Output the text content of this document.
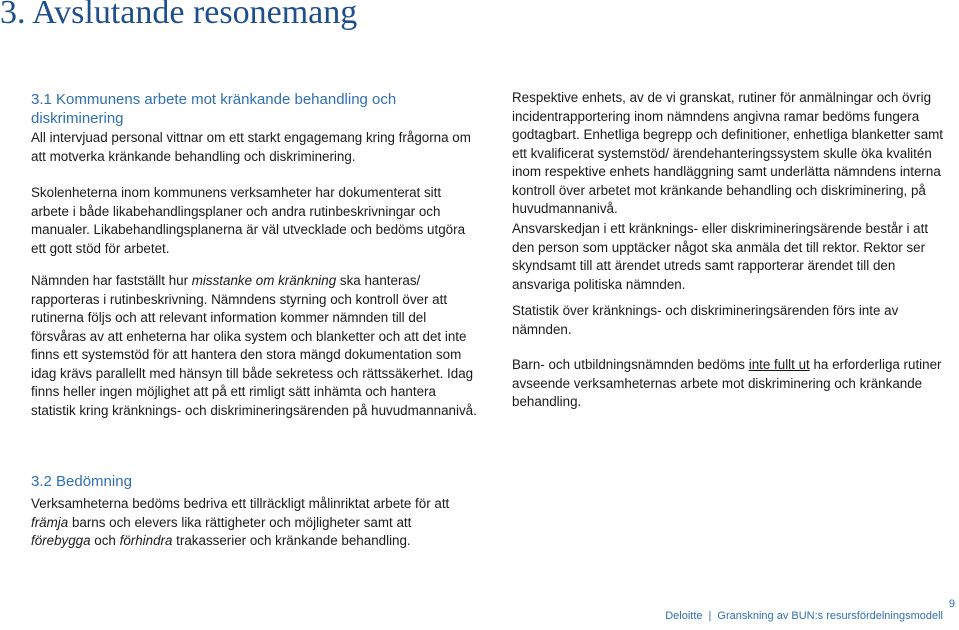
3. Avslutande resonemang
3.1 Kommunens arbete mot kränkande behandling och diskriminering

All intervjuad personal vittnar om ett starkt engagemang kring frågorna om att motverka kränkande behandling och diskriminering.

Skolenheterna inom kommunens verksamheter har dokumenterat sitt arbete i både likabehandlingsplaner och andra rutinbeskrivningar och manualer. Likabehandlingsplanerna är väl utvecklade och bedöms utgöra ett gott stöd för arbetet.

Nämnden har fastställt hur misstanke om kränkning ska hanteras/ rapporteras i rutinbeskrivning. Nämndens styrning och kontroll över att rutinerna följs och att relevant information kommer nämnden till del försvåras av att enheterna har olika system och blanketter och att det inte finns ett systemstöd för att hantera den stora mängd dokumentation som idag krävs parallellt med hänsyn till både sekretess och rättssäkerhet. Idag finns heller ingen möjlighet att på ett rimligt sätt inhämta och hantera statistik kring kränknings- och diskrimineringsärenden på huvudmannanivå.

Respektive enhets, av de vi granskat, rutiner för anmälningar och övrig incidentrapportering inom nämndens angivna ramar bedöms fungera godtagbart. Enhetliga begrepp och definitioner, enhetliga blanketter samt ett kvalificerat systemstöd/ ärendehanteringssystem skulle öka kvalitén inom respektive enhets handläggning samt underlätta nämndens interna kontroll över arbetet mot kränkande behandling och diskriminering, på huvudmannanivå.

Ansvarskedjan i ett kränknings- eller diskrimineringsärende består i att den person som upptäcker något ska anmäla det till rektor. Rektor ser skyndsamt till att ärendet utreds samt rapporterar ärendet till den ansvariga politiska nämnden.

Statistik över kränknings- och diskrimineringsärenden förs inte av nämnden.

Barn- och utbildningsnämnden bedöms inte fullt ut ha erforderliga rutiner avseende verksamheternas arbete mot diskriminering och kränkande behandling.

3.2 Bedömning

Verksamheterna bedöms bedriva ett tillräckligt målinriktat arbete för att främja barns och elevers lika rättigheter och möjligheter samt att förebygga och förhindra trakasserier och kränkande behandling.

9
Deloitte | Granskning av BUN:s resursfördelningsmodell
